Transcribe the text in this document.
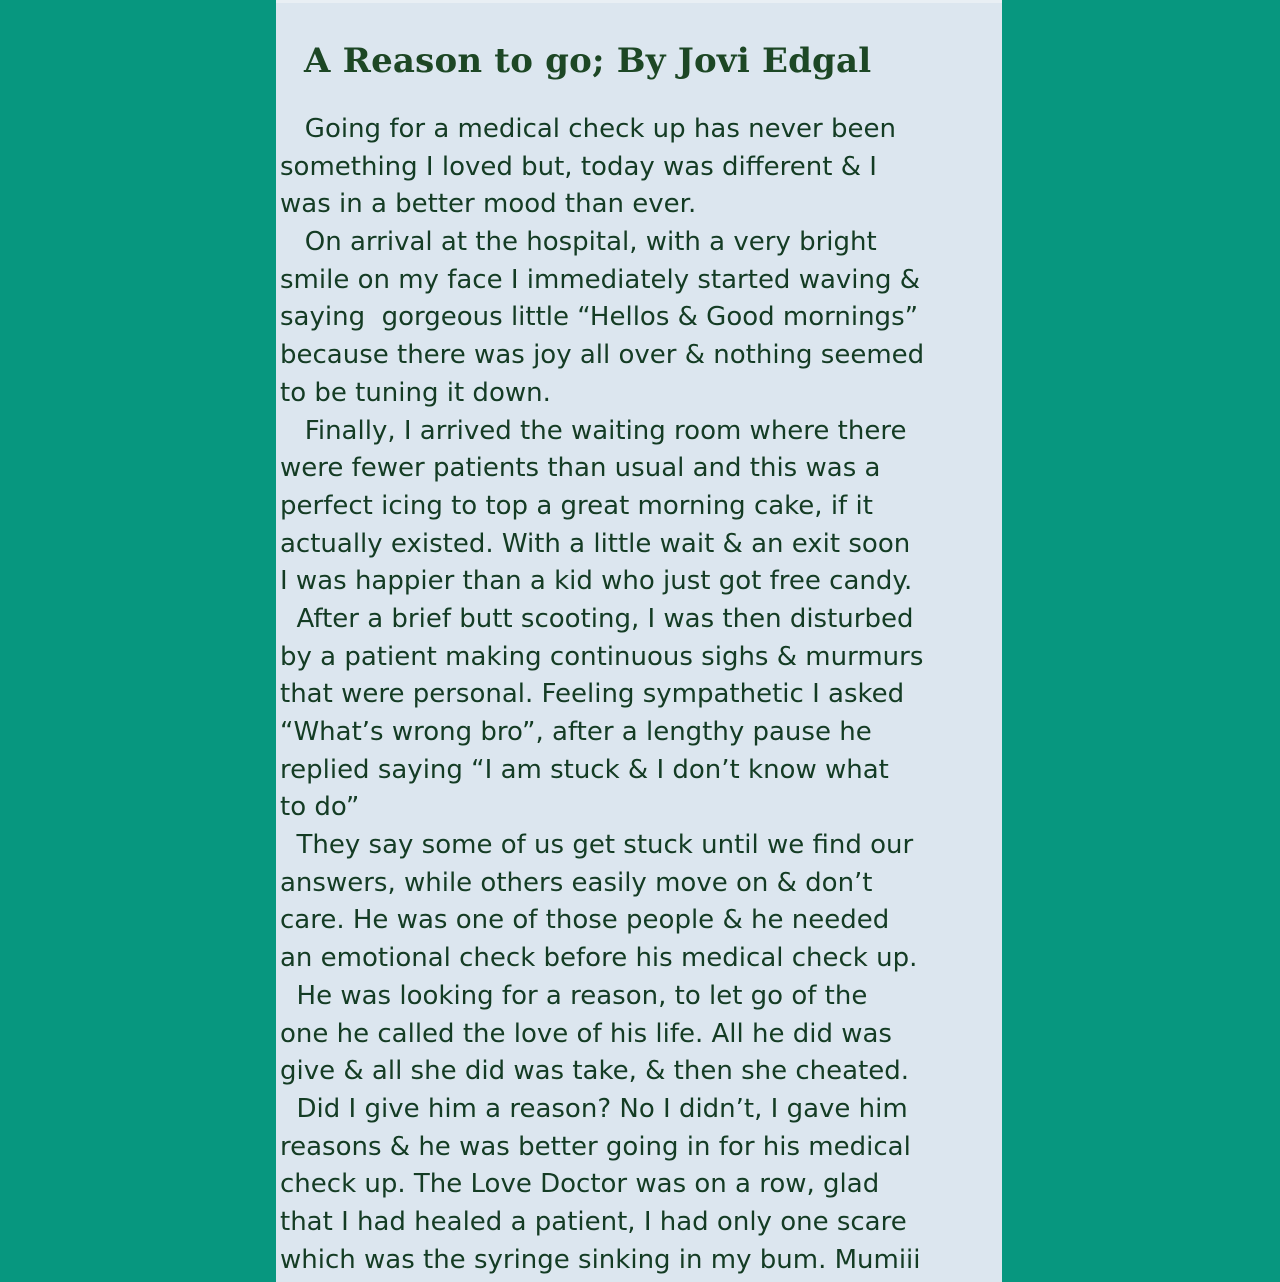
A Reason to go; By Jovi Edgal
Going for a medical check up has never been
something I loved but, today was different & I
was in a better mood than ever.
On arrival at the hospital, with a very bright
smile on my face I immediately started waving &
saying  gorgeous little “Hellos & Good mornings”
because there was joy all over & nothing seemed
to be tuning it down.
Finally, I arrived the waiting room where there
were fewer patients than usual and this was a
perfect icing to top a great morning cake, if it
actually existed. With a little wait & an exit soon
I was happier than a kid who just got free candy.
After a brief butt scooting, I was then disturbed
by a patient making continuous sighs & murmurs
that were personal. Feeling sympathetic I asked
“What’s wrong bro”, after a lengthy pause he
replied saying “I am stuck & I don’t know what
to do”
They say some of us get stuck until we find our
answers, while others easily move on & don’t
care. He was one of those people & he needed
an emotional check before his medical check up.
He was looking for a reason, to let go of the
one he called the love of his life. All he did was
give & all she did was take, & then she cheated.
Did I give him a reason? No I didn’t, I gave him
reasons & he was better going in for his medical
check up. The Love Doctor was on a row, glad
that I had healed a patient, I had only one scare
which was the syringe sinking in my bum. Mumiii
